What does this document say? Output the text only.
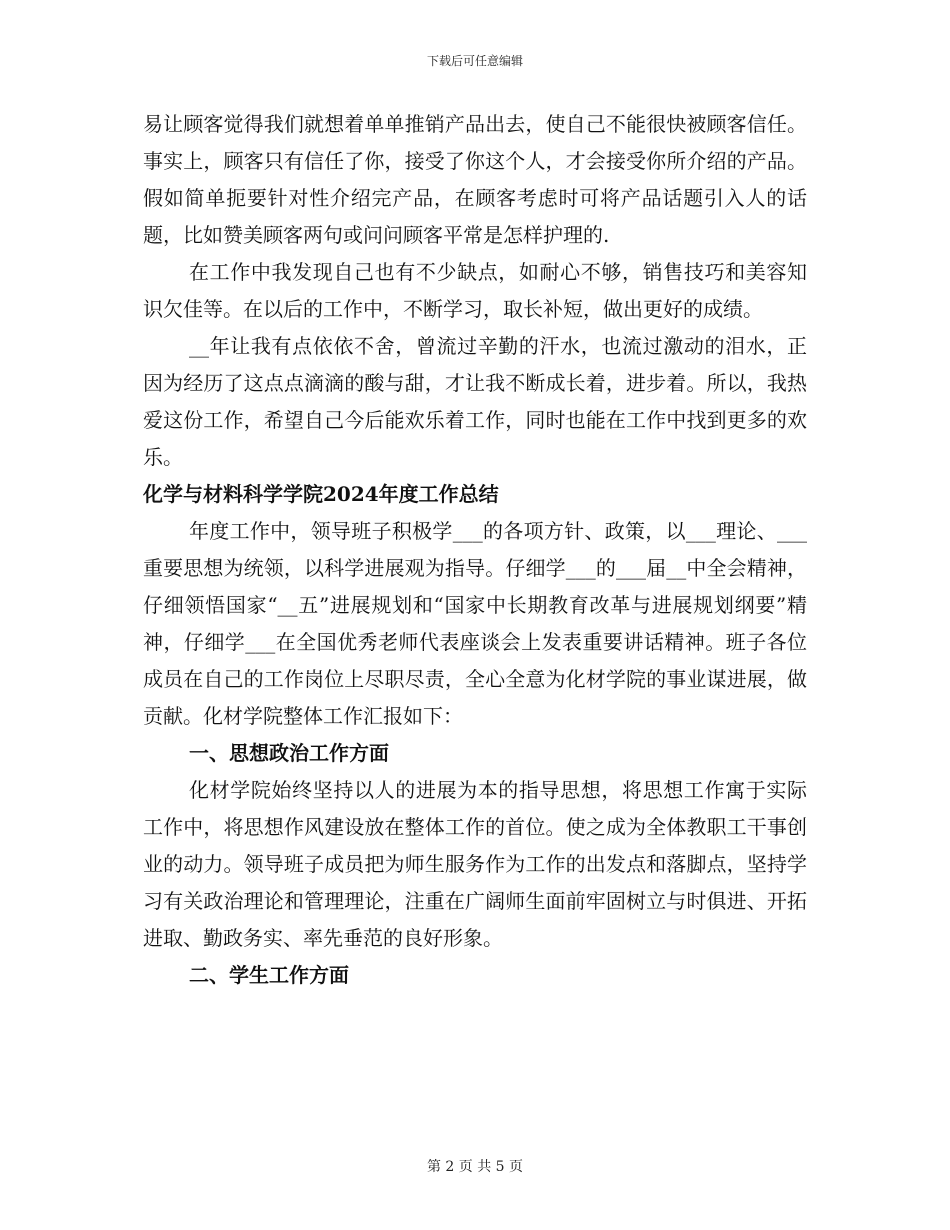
下载后可任意编辑

易让顾客觉得我们就想着单单推销产品出去，使自己不能很快被顾客信任。事实上，顾客只有信任了你，接受了你这个人，才会接受你所介绍的产品。假如简单扼要针对性介绍完产品，在顾客考虑时可将产品话题引入人的话题，比如赞美顾客两句或问问顾客平常是怎样护理的.

在工作中我发现自己也有不少缺点，如耐心不够，销售技巧和美容知识欠佳等。在以后的工作中，不断学习，取长补短，做出更好的成绩。

__年让我有点依依不舍，曾流过辛勤的汗水，也流过激动的泪水，正因为经历了这点点滴滴的酸与甜，才让我不断成长着，进步着。所以，我热爱这份工作，希望自己今后能欢乐着工作，同时也能在工作中找到更多的欢乐。

化学与材料科学学院2024年度工作总结

年度工作中，领导班子积极学___的各项方针、政策，以___理论、___重要思想为统领，以科学进展观为指导。仔细学___的___届__中全会精神，仔细领悟国家“__五”进展规划和“国家中长期教育改革与进展规划纲要”精神，仔细学___在全国优秀老师代表座谈会上发表重要讲话精神。班子各位成员在自己的工作岗位上尽职尽责，全心全意为化材学院的事业谋进展，做贡献。化材学院整体工作汇报如下：

一、思想政治工作方面

化材学院始终坚持以人的进展为本的指导思想，将思想工作寓于实际工作中，将思想作风建设放在整体工作的首位。使之成为全体教职工干事创业的动力。领导班子成员把为师生服务作为工作的出发点和落脚点，坚持学习有关政治理论和管理理论，注重在广阔师生面前牢固树立与时俱进、开拓进取、勤政务实、率先垂范的良好形象。

二、学生工作方面

第 2 页 共 5 页
